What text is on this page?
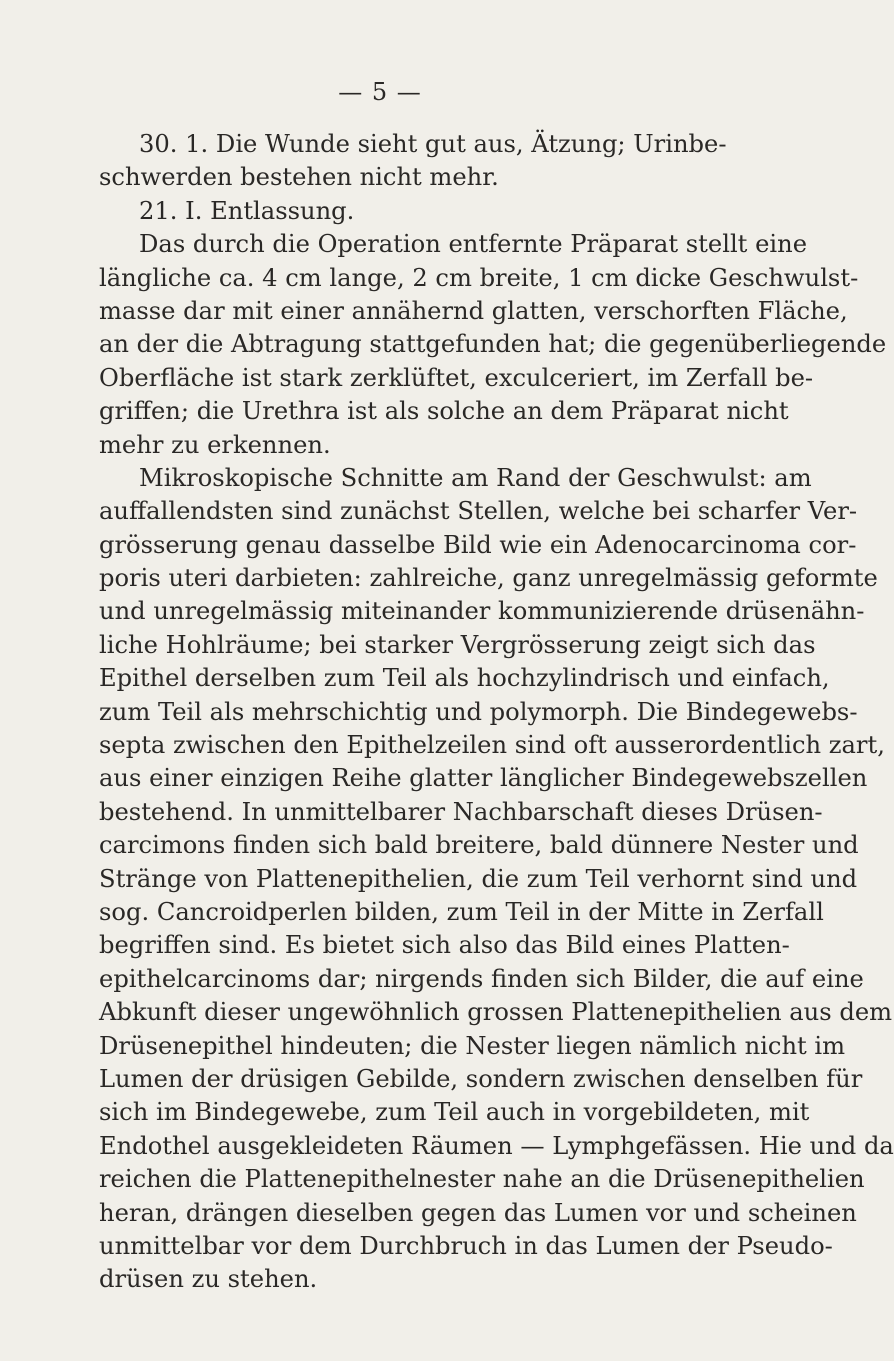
— 5 —
30. 1. Die Wunde sieht gut aus, Ätzung; Urinbe-
schwerden bestehen nicht mehr.
21. I. Entlassung.
Das durch die Operation entfernte Präparat stellt eine
längliche ca. 4 cm lange, 2 cm breite, 1 cm dicke Geschwulst-
masse dar mit einer annähernd glatten, verschorften Fläche,
an der die Abtragung stattgefunden hat; die gegenüberliegende
Oberfläche ist stark zerklüftet, exculceriert, im Zerfall be-
griffen; die Urethra ist als solche an dem Präparat nicht
mehr zu erkennen.
Mikroskopische Schnitte am Rand der Geschwulst: am
auffallendsten sind zunächst Stellen, welche bei scharfer Ver-
grösserung genau dasselbe Bild wie ein Adenocarcinoma cor-
poris uteri darbieten: zahlreiche, ganz unregelmässig geformte
und unregelmässig miteinander kommunizierende drüsenähn-
liche Hohlräume; bei starker Vergrösserung zeigt sich das
Epithel derselben zum Teil als hochzylindrisch und einfach,
zum Teil als mehrschichtig und polymorph. Die Bindegewebs-
septa zwischen den Epithelzeilen sind oft ausserordentlich zart,
aus einer einzigen Reihe glatter länglicher Bindegewebszellen
bestehend. In unmittelbarer Nachbarschaft dieses Drüsen-
carcimons finden sich bald breitere, bald dünnere Nester und
Stränge von Plattenepithelien, die zum Teil verhornt sind und
sog. Cancroidperlen bilden, zum Teil in der Mitte in Zerfall
begriffen sind. Es bietet sich also das Bild eines Platten-
epithelcarcinoms dar; nirgends finden sich Bilder, die auf eine
Abkunft dieser ungewöhnlich grossen Plattenepithelien aus dem
Drüsenepithel hindeuten; die Nester liegen nämlich nicht im
Lumen der drüsigen Gebilde, sondern zwischen denselben für
sich im Bindegewebe, zum Teil auch in vorgebildeten, mit
Endothel ausgekleideten Räumen — Lymphgefässen. Hie und da
reichen die Plattenepithelnester nahe an die Drüsenepithelien
heran, drängen dieselben gegen das Lumen vor und scheinen
unmittelbar vor dem Durchbruch in das Lumen der Pseudo-
drüsen zu stehen.
